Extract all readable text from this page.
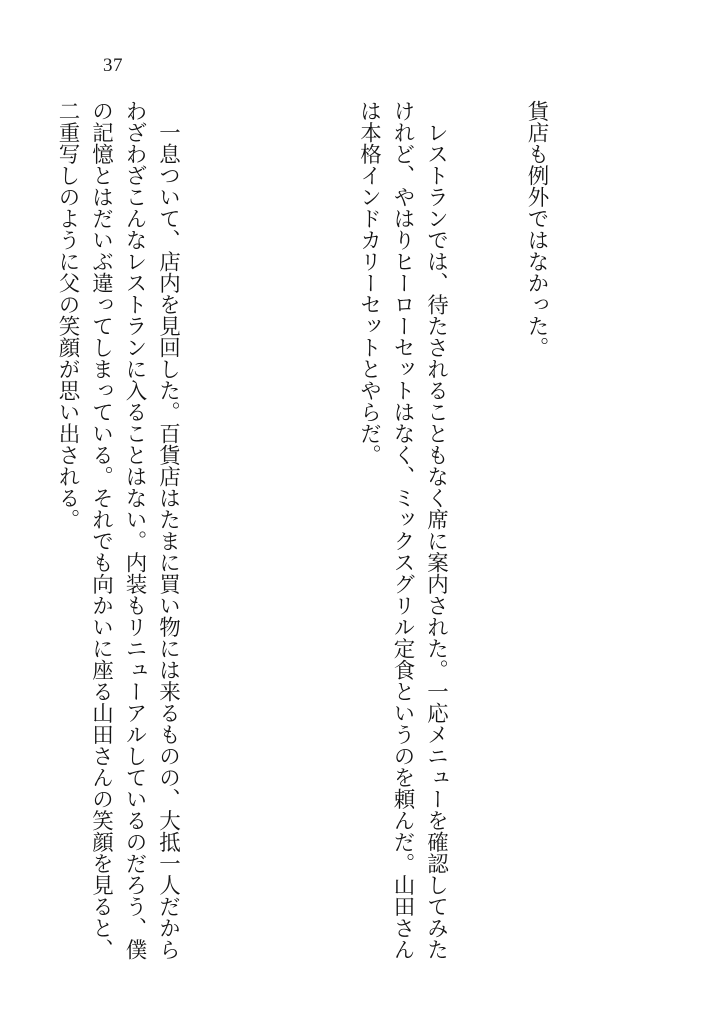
37

貨店も例外ではなかった。

　レストランでは、待たされることもなく席に案内された。一応メニューを確認してみたけれど、やはりヒーローセットはなく、ミックスグリル定食というのを頼んだ。山田さんは本格インドカリーセットとやらだ。

　一息ついて、店内を見回した。百貨店はたまに買い物には来るものの、大抵一人だからわざわざこんなレストランに入ることはない。内装もリニューアルしているのだろう、僕の記憶とはだいぶ違ってしまっている。それでも向かいに座る山田さんの笑顔を見ると、二重写しのように父の笑顔が思い出される。
